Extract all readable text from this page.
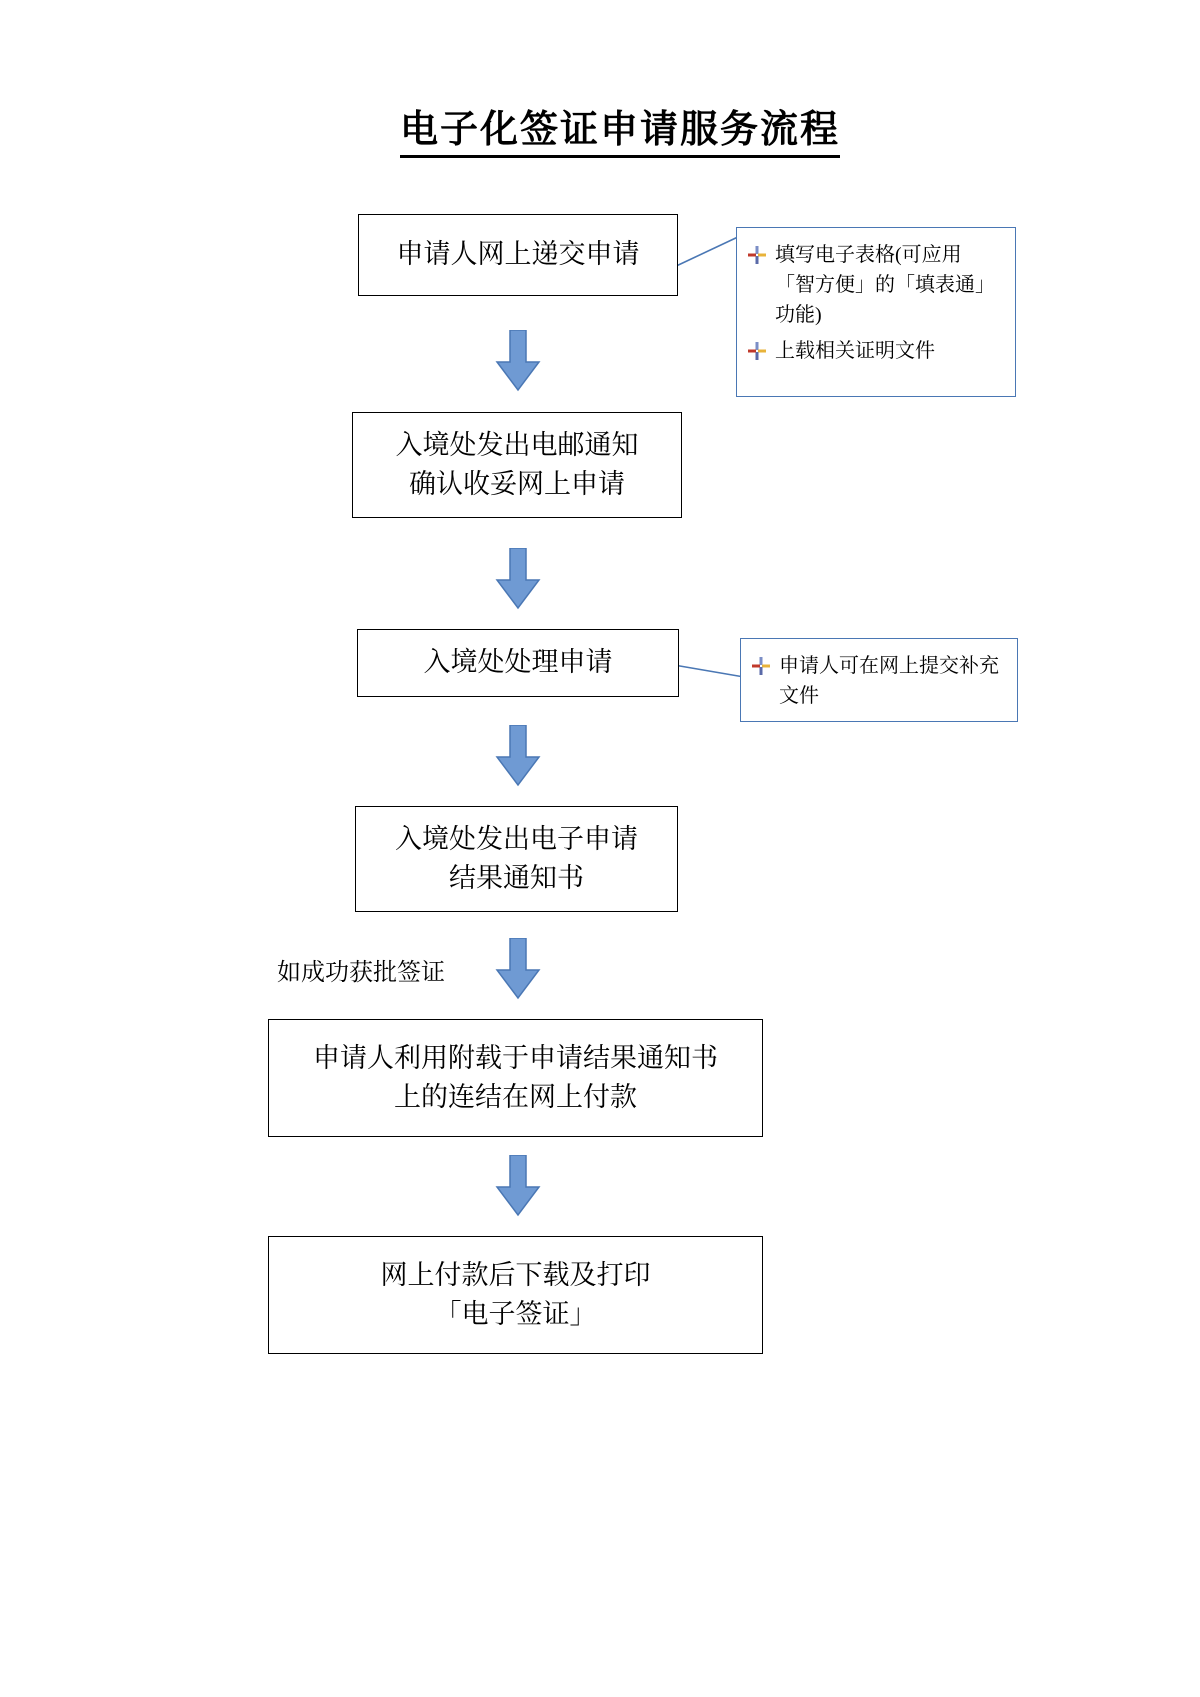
电子化签证申请服务流程
申请人网上递交申请	填写电子表格(可应用「智方便」的「填表通」功能)
上载相关证明文件
入境处发出电邮通知
确认收妥网上申请
入境处处理申请	申请人可在网上提交补充文件
入境处发出电子申请
结果通知书
如成功获批签证
申请人利用附载于申请结果通知书
上的连结在网上付款
网上付款后下载及打印
「电子签证」
